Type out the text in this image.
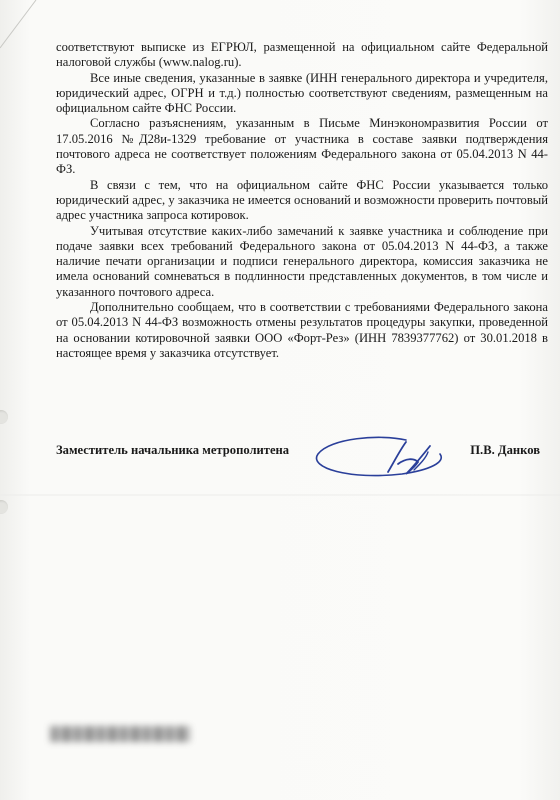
соответствуют выписке из ЕГРЮЛ, размещенной на официальном сайте Федеральной налоговой службы (www.nalog.ru).

Все иные сведения, указанные в заявке (ИНН генерального директора и учредителя, юридический адрес, ОГРН и т.д.) полностью соответствуют сведениям, размещенным на официальном сайте ФНС России.

Согласно разъяснениям, указанным в Письме Минэкономразвития России от 17.05.2016 №Д28и-1329 требование от участника в составе заявки подтверждения почтового адреса не соответствует положениям Федерального закона от 05.04.2013 N 44-ФЗ.

В связи с тем, что на официальном сайте ФНС России указывается только юридический адрес, у заказчика не имеется оснований и возможности проверить почтовый адрес участника запроса котировок.

Учитывая отсутствие каких-либо замечаний к заявке участника и соблюдение при подаче заявки всех требований Федерального закона от 05.04.2013 N 44-ФЗ, а также наличие печати организации и подписи генерального директора, комиссия заказчика не имела оснований сомневаться в подлинности представленных документов, в том числе и указанного почтового адреса.

Дополнительно сообщаем, что в соответствии с требованиями Федерального закона от 05.04.2013 N 44-ФЗ возможность отмены результатов процедуры закупки, проведенной на основании котировочной заявки ООО «Форт-Рез» (ИНН 7839377762) от 30.01.2018 в настоящее время у заказчика отсутствует.

Заместитель начальника метрополитена	П.В. Данков
